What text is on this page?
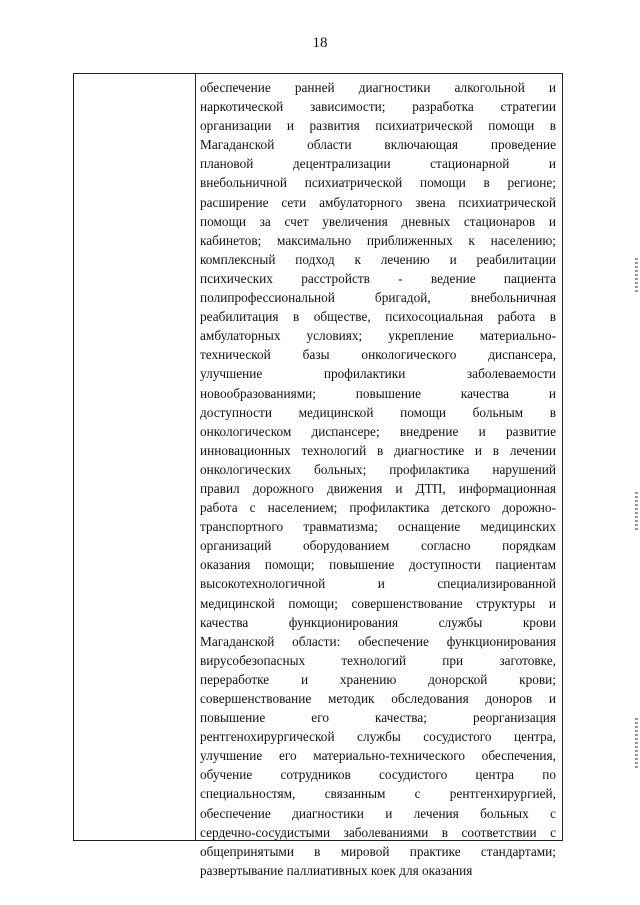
18
обеспечение ранней диагностики алкогольной и
наркотической зависимости; разработка стратегии
организации и развития психиатрической помощи в
Магаданской области включающая проведение
плановой децентрализации стационарной и
внебольничной психиатрической помощи в регионе;
расширение сети амбулаторного звена психиатрической
помощи за счет увеличения дневных стационаров и
кабинетов; максимально приближенных к населению;
комплексный подход к лечению и реабилитации
психических расстройств - ведение пациента
полипрофессиональной бригадой, внебольничная
реабилитация в обществе, психосоциальная работа в
амбулаторных условиях; укрепление материально-
технической базы онкологического диспансера,
улучшение профилактики заболеваемости
новообразованиями; повышение качества и
доступности медицинской помощи больным в
онкологическом диспансере; внедрение и развитие
инновационных технологий в диагностике и в лечении
онкологических больных; профилактика нарушений
правил дорожного движения и ДТП, информационная
работа с населением; профилактика детского дорожно-
транспортного травматизма; оснащение медицинских
организаций оборудованием согласно порядкам
оказания помощи; повышение доступности пациентам
высокотехнологичной и специализированной
медицинской помощи; совершенствование структуры и
качества функционирования службы крови
Магаданской области: обеспечение функционирования
вирусобезопасных технологий при заготовке,
переработке и хранению донорской крови;
совершенствование методик обследования доноров и
повышение его качества; реорганизация
рентгенохирургической службы сосудистого центра,
улучшение его материально-технического обеспечения,
обучение сотрудников сосудистого центра по
специальностям, связанным с рентгенхирургией,
обеспечение диагностики и лечения больных с
сердечно-сосудистыми заболеваниями в соответствии с
общепринятыми в мировой практике стандартами;
развертывание паллиативных коек для оказания
